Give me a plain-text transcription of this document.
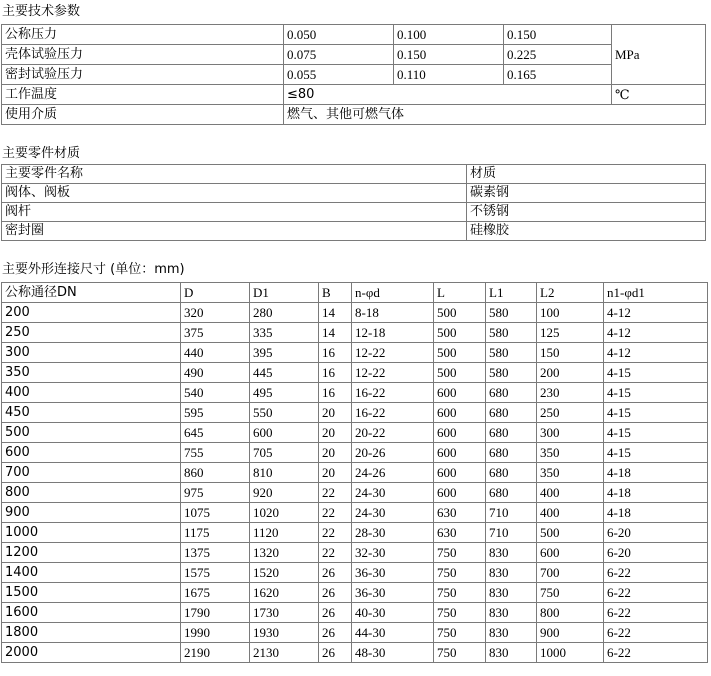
主要技术参数
公称压力	0.050	0.100	0.150	MPa
壳体试验压力	0.075	0.150	0.225	
密封试验压力	0.055	0.110	0.165	
工作温度	≤80			℃
使用介质	燃气、其他可燃气体			
主要零件材质
主要零件名称	材质
阀体、阀板	碳素钢
阀杆	不锈钢
密封圈	硅橡胶
主要外形连接尺寸 (单位：mm)
公称通径DN	D	D1	B	n-φd	L	L1	L2	n1-φd1
200	320	280	14	8-18	500	580	100	4-12
250	375	335	14	12-18	500	580	125	4-12
300	440	395	16	12-22	500	580	150	4-12
350	490	445	16	12-22	500	580	200	4-15
400	540	495	16	16-22	600	680	230	4-15
450	595	550	20	16-22	600	680	250	4-15
500	645	600	20	20-22	600	680	300	4-15
600	755	705	20	20-26	600	680	350	4-15
700	860	810	20	24-26	600	680	350	4-18
800	975	920	22	24-30	600	680	400	4-18
900	1075	1020	22	24-30	630	710	400	4-18
1000	1175	1120	22	28-30	630	710	500	6-20
1200	1375	1320	22	32-30	750	830	600	6-20
1400	1575	1520	26	36-30	750	830	700	6-22
1500	1675	1620	26	36-30	750	830	750	6-22
1600	1790	1730	26	40-30	750	830	800	6-22
1800	1990	1930	26	44-30	750	830	900	6-22
2000	2190	2130	26	48-30	750	830	1000	6-22
